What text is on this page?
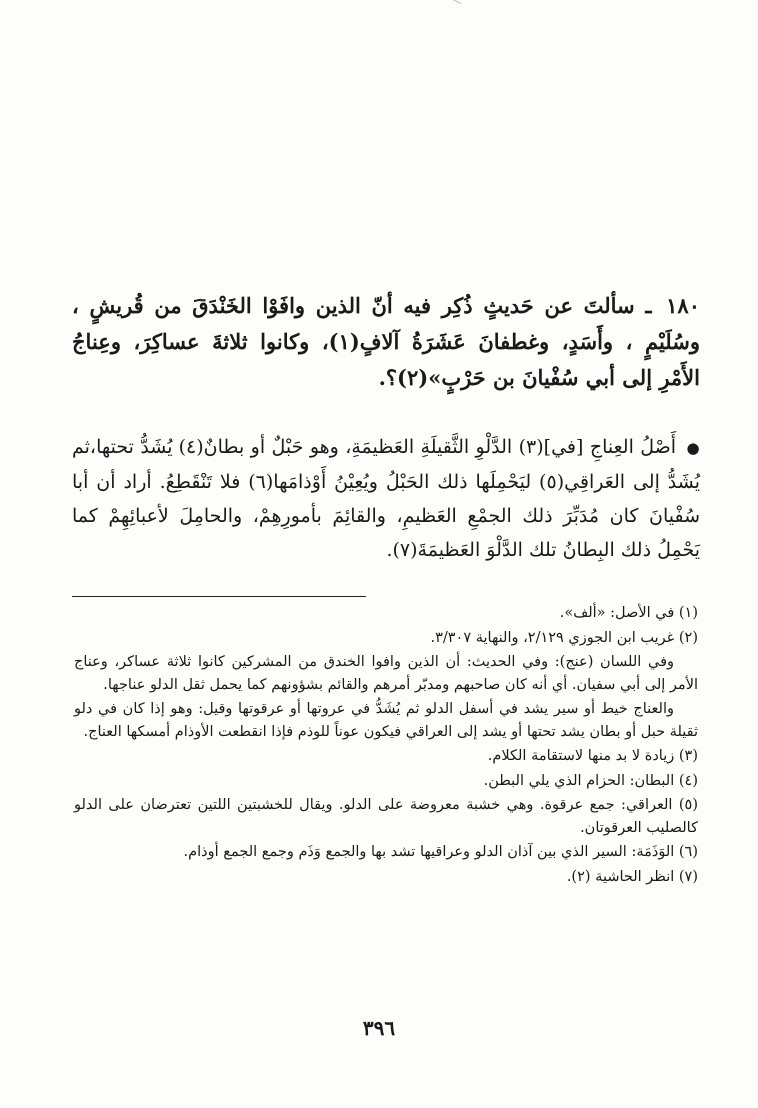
١٨٠ ـ سألتَ عن حَديثٍ ذُكِر فيه أنّ الذين وافَوْا الخَنْدَقَ من قُريشٍ ، وسُلَيْمٍ ، وأَسَدٍ، وغطفانَ عَشَرَةُ آلافٍ(١)، وكانوا ثلاثةَ عساكِرَ، وعِناجُ الأَمْرِ إلى أبي سُفْيانَ بن حَرْبٍ»(٢)؟.
● أَصْلُ العِناجِ [في](٣) الدَّلْوِ الثَّقيلَةِ العَظيمَةِ، وهو حَبْلٌ أو بطانٌ(٤) يُشَدُّ تحتها،ثم يُشَدُّ إلى العَراقِي(٥) ليَحْمِلَها ذلك الحَبْلُ ويُعِيْنُ أَوْذامَها(٦) فلا تَنْقَطِعُ. أراد أن أبا سُفْيانَ كان مُدَبِّرَ ذلك الجمْعِ العَظيمِ، والقائِمَ بأمورِهِمْ، والحامِلَ لأعبائِهِمْ كما يَحْمِلُ ذلك البِطانُ تلك الدَّلْوَ العَظيمَةَ(٧).

(١) في الأصل: «ألف».

(٢) غريب ابن الجوزي ٢/١٢٩، والنهاية ٣/٣٠٧.

وفي اللسان (عنج): وفي الحديث: أن الذين وافوا الخندق من المشركين كانوا ثلاثة عساكر، وعناج الأمر إلى أبي سفيان. أي أنه كان صاحبهم ومدبّر أمرهم والقائم بشؤونهم كما يحمل ثقل الدلو عناجها.

والعناج خيط أو سير يشد في أسفل الدلو ثم يُشَدُّ في عروتها أو عرقوتها وقيل: وهو إذا كان في دلو ثقيلة حبل أو بطان يشد تحتها أو يشد إلى العراقي فيكون عوناً للوذم فإذا انقطعت الأوذام أمسكها العناج.

(٣) زيادة لا بد منها لاستقامة الكلام.

(٤) البطان: الحزام الذي يلي البطن.

(٥) العراقي: جمع عرقوة. وهي خشبة معروضة على الدلو. ويقال للخشبتين اللتين تعترضان على الدلو كالصليب العرقوتان.

(٦) الوَذَمَة: السير الذي بين آذان الدلو وعراقيها تشد بها والجمع وَذَم وجمع الجمع أوذام.

(٧) انظر الحاشية (٢).

٣٩٦
